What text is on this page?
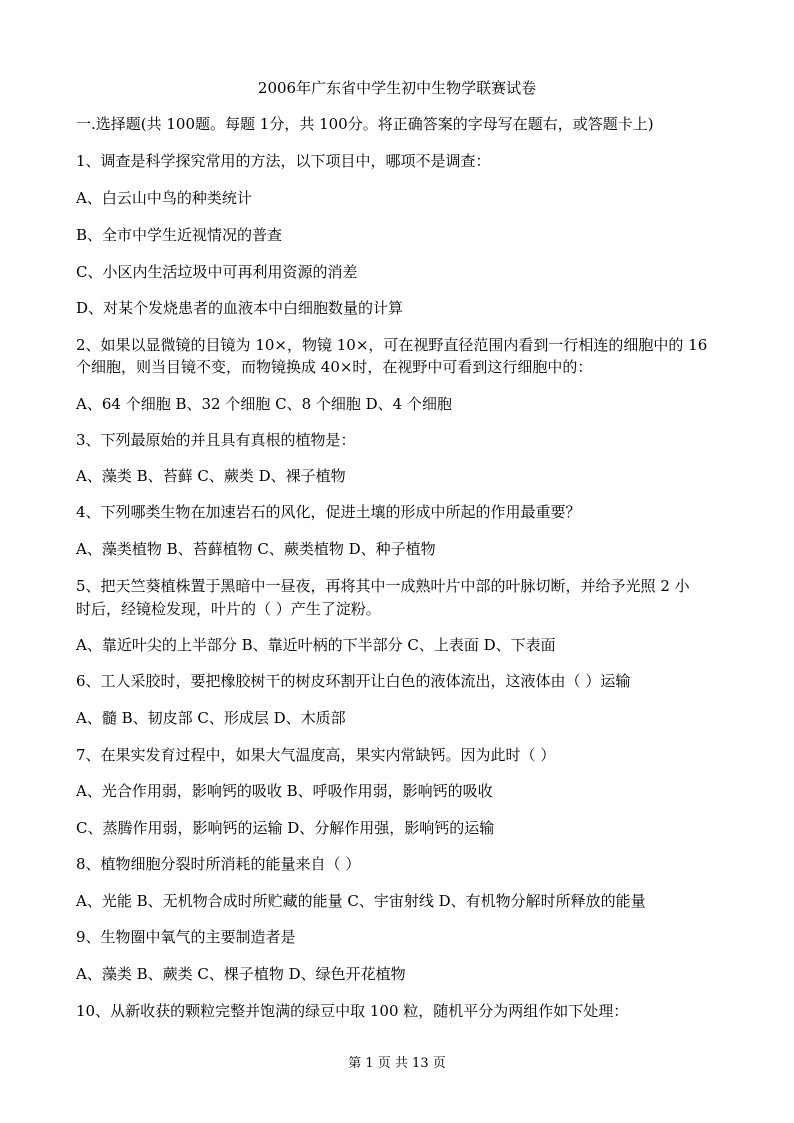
2006年广东省中学生初中生物学联赛试卷
一.选择题(共 100题。每题 1分，共 100分。将正确答案的字母写在题右，或答题卡上)
1、调查是科学探究常用的方法，以下项目中，哪项不是调查：
A、白云山中鸟的种类统计
B、全市中学生近视情况的普查
C、小区内生活垃圾中可再利用资源的消差
D、对某个发烧患者的血液本中白细胞数量的计算
2、如果以显微镜的目镜为 10×，物镜 10×，可在视野直径范围内看到一行相连的细胞中的 16
个细胞，则当目镜不变，而物镜换成 40×时，在视野中可看到这行细胞中的：
A、64 个细胞 B、32 个细胞 C、8 个细胞 D、4 个细胞
3、下列最原始的并且具有真根的植物是：
A、藻类 B、苔藓 C、蕨类 D、裸子植物
4、下列哪类生物在加速岩石的风化，促进土壤的形成中所起的作用最重要？
A、藻类植物 B、苔藓植物 C、蕨类植物 D、种子植物
5、把天竺葵植株置于黑暗中一昼夜，再将其中一成熟叶片中部的叶脉切断，并给予光照 2 小
时后，经镜检发现，叶片的（ ）产生了淀粉。
A、靠近叶尖的上半部分 B、靠近叶柄的下半部分 C、上表面 D、下表面
6、工人采胶时，要把橡胶树干的树皮环割开让白色的液体流出，这液体由（ ）运输
A、髓 B、韧皮部 C、形成层 D、木质部
7、在果实发育过程中，如果大气温度高，果实内常缺钙。因为此时（ ）
A、光合作用弱，影响钙的吸收 B、呼吸作用弱，影响钙的吸收
C、蒸腾作用弱，影响钙的运输 D、分解作用强，影响钙的运输
8、植物细胞分裂时所消耗的能量来自（ ）
A、光能 B、无机物合成时所贮藏的能量 C、宇宙射线 D、有机物分解时所释放的能量
9、生物圈中氧气的主要制造者是
A、藻类 B、蕨类 C、棵子植物 D、绿色开花植物
10、从新收获的颗粒完整并饱满的绿豆中取 100 粒，随机平分为两组作如下处理：
第 1 页 共 13 页
